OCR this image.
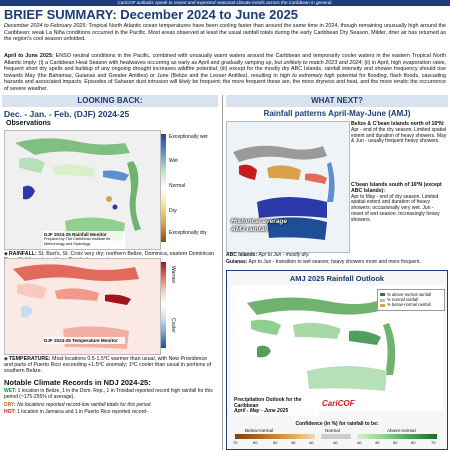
CariCOF outlooks speak to recent and expected seasonal climate trends across the Caribbean in general.
BRIEF SUMMARY: December 2024 to June 2025
December 2024 to February 2025: Tropical North Atlantic ocean temperatures have been cooling faster than around the same time in 2024, though remaining unusually high around the Caribbean; weak La Niña conditions occurred in the Pacific. Most areas observed at least the usual rainfall totals during the early Caribbean Dry Season. Milder, drier air has returned as the region's cool season unfolded.
April to June 2025: ENSO neutral conditions in the Pacific, combined with unusually warm waters around the Caribbean and temporarily cooler waters in the eastern Tropical North Atlantic imply: (i) a Caribbean Heat Season with heatwaves occurring as early as April and gradually ramping up, but unlikely to match 2023 and 2024; (ii) in April, high evaporation rates, frequent short dry spells and buildup of any ongoing drought increases wildfire potential; (iii) except for the mostly dry ABC Islands, rainfall intensity and shower frequency should rise towards May (the Bahamas, Guianas and Greater Antilles) or June (Belize and the Lesser Antilles), resulting in high to extremely high potential for flooding, flash floods, cascading hazards and associated impacts. Episodes of Saharan dust intrusion will likely be frequent; the more frequent these are, the more dryness and heat, and the more erratic the occurrence of severe weather.
LOOKING BACK:	WHAT NEXT?
Dec. - Jan. - Feb. (DJF) 2024-25
Observations
DJF 2024-25 Rainfall Monitor
Prepared by The Caribbean Institute for Meteorology and Hydrology
Exceptionally wet
Wet
Normal
Dry
Exceptionally dry
◆RAINFALL: St. Bart's, St. Croix very dry; northern Belize, Dominica, eastern Dominican
DJF 2024-25 Temperature Monitor
Warmer
Cooler
◆TEMPERATURE: Most locations 0.5-1.5ºC warmer than usual, with New Providence and parts of Puerto Rico exceeding +1.5ºC anomaly; 1ºC cooler than usual in portions of southern Belize.
Notable Climate Records in NDJ 2024-25:
WET: 1 location in Belize, 1 in the Dom. Rep., 1 in Trinidad reported record high rainfall for this period (~175-255% of average).
DRY: No locations reported record-low rainfall totals for this period.
HOT: 1 location in Jamaica and 1 in Puerto Rico reported record-
Rainfall patterns April-May-June (AMJ)
Historical average
AMJ rainfall
Belize & C'bean Islands north of 16ºN:
Apr - end of the dry season. Limited spatial extent and duration of heavy showers. May & Jun - usually frequent heavy showers.
C'bean Islands south of 16ºN (except ABC Islands):
Apr to May - end of dry season. Limited spatial extent and duration of heavy showers; occasionally very wet. Jun - onset of wet season. Increasingly heavy showers.
ABC Islands: Apr to Jun - mostly dry.
Guianas: Apr to Jun - transition to wet season; heavy showers more and more frequent.
AMJ 2025 Rainfall Outlook
% above-normal rainfall
% normal rainfall
% below-normal rainfall
Precipitation Outlook for the Caribbean
April - May - June 2025
CariCOF
Confidence (in %) for rainfall to be:
Below-normal	Normal	Above-normal
70	60	50	45	40	40	40	45	50	60	70
